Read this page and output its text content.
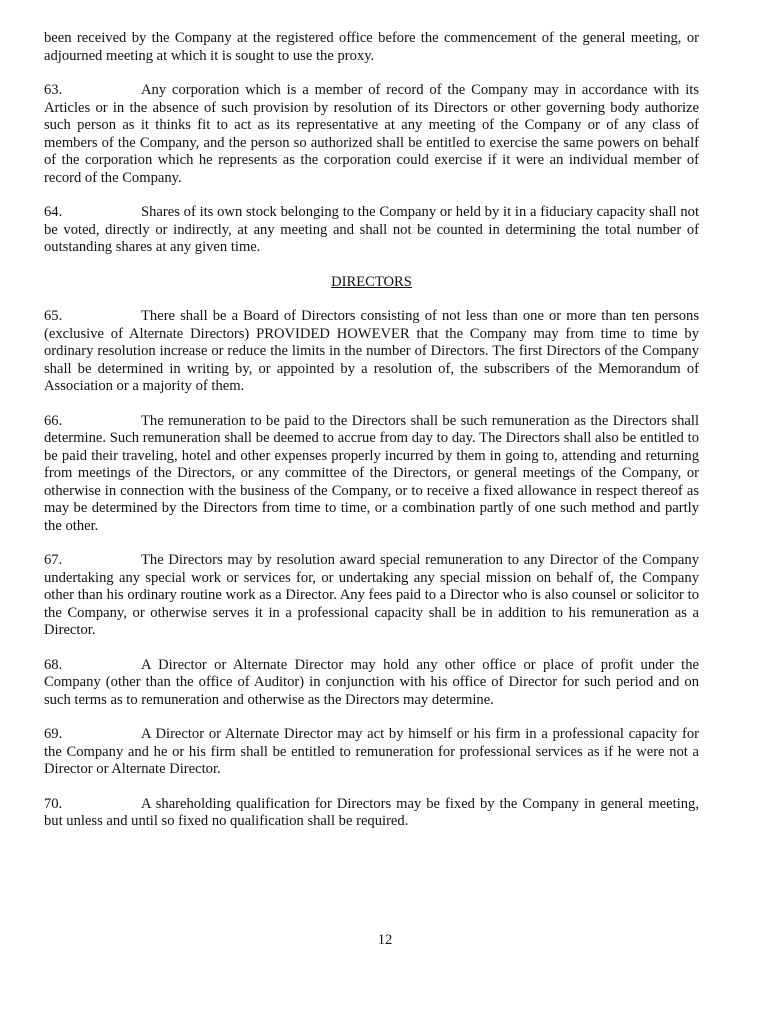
been received by the Company at the registered office before the commencement of the general meeting, or adjourned meeting at which it is sought to use the proxy.

63.	Any corporation which is a member of record of the Company may in accordance with its Articles or in the absence of such provision by resolution of its Directors or other governing body authorize such person as it thinks fit to act as its representative at any meeting of the Company or of any class of members of the Company, and the person so authorized shall be entitled to exercise the same powers on behalf of the corporation which he represents as the corporation could exercise if it were an individual member of record of the Company.

64.	Shares of its own stock belonging to the Company or held by it in a fiduciary capacity shall not be voted, directly or indirectly, at any meeting and shall not be counted in determining the total number of outstanding shares at any given time.

DIRECTORS

65.	There shall be a Board of Directors consisting of not less than one or more than ten persons (exclusive of Alternate Directors) PROVIDED HOWEVER that the Company may from time to time by ordinary resolution increase or reduce the limits in the number of Directors. The first Directors of the Company shall be determined in writing by, or appointed by a resolution of, the subscribers of the Memorandum of Association or a majority of them.

66.	The remuneration to be paid to the Directors shall be such remuneration as the Directors shall determine. Such remuneration shall be deemed to accrue from day to day. The Directors shall also be entitled to be paid their traveling, hotel and other expenses properly incurred by them in going to, attending and returning from meetings of the Directors, or any committee of the Directors, or general meetings of the Company, or otherwise in connection with the business of the Company, or to receive a fixed allowance in respect thereof as may be determined by the Directors from time to time, or a combination partly of one such method and partly the other.

67.	The Directors may by resolution award special remuneration to any Director of the Company undertaking any special work or services for, or undertaking any special mission on behalf of, the Company other than his ordinary routine work as a Director. Any fees paid to a Director who is also counsel or solicitor to the Company, or otherwise serves it in a professional capacity shall be in addition to his remuneration as a Director.

68.	A Director or Alternate Director may hold any other office or place of profit under the Company (other than the office of Auditor) in conjunction with his office of Director for such period and on such terms as to remuneration and otherwise as the Directors may determine.

69.	A Director or Alternate Director may act by himself or his firm in a professional capacity for the Company and he or his firm shall be entitled to remuneration for professional services as if he were not a Director or Alternate Director.

70.	A shareholding qualification for Directors may be fixed by the Company in general meeting, but unless and until so fixed no qualification shall be required.

12
